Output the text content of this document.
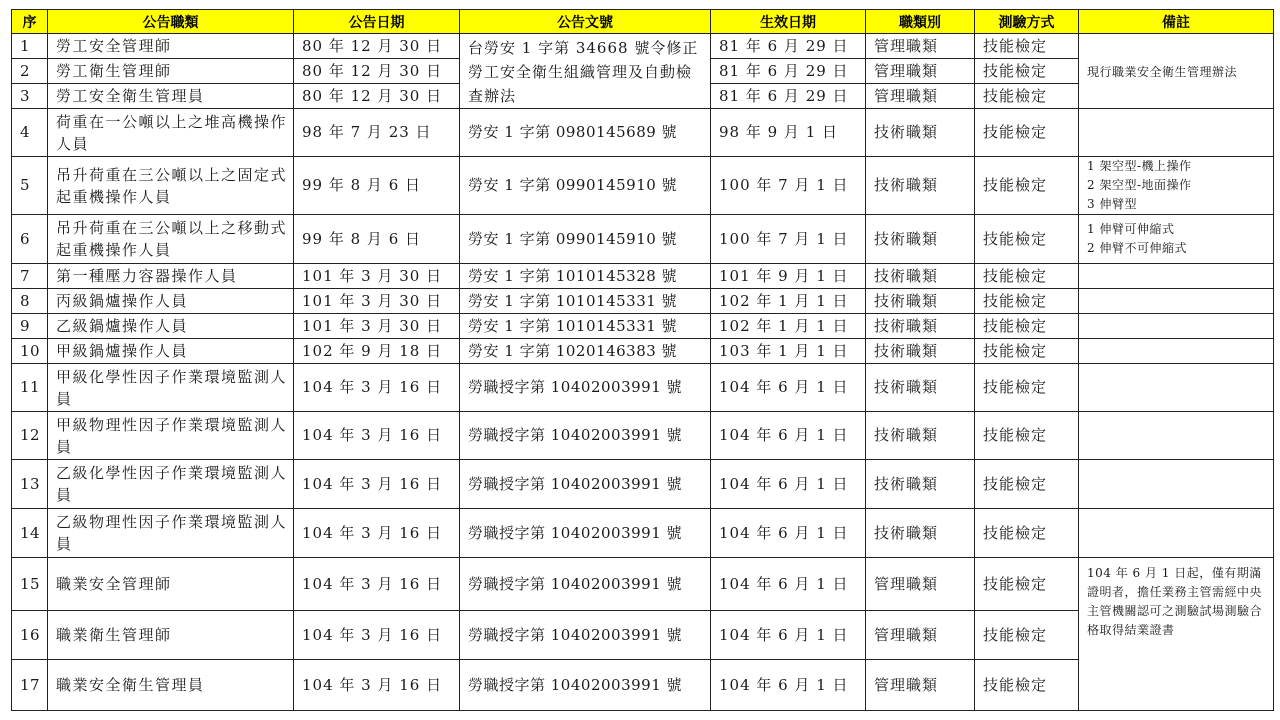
序	公告職類	公告日期	公告文號	生效日期	職類別	測驗方式	備註
1	勞工安全管理師	80 年 12 月 30 日	台勞安 1 字第 34668 號令修正勞工安全衛生組織管理及自動檢查辦法	81 年 6 月 29 日	管理職類	技能檢定	現行職業安全衛生管理辦法
2	勞工衛生管理師	80 年 12 月 30 日		81 年 6 月 29 日	管理職類	技能檢定	
3	勞工安全衛生管理員	80 年 12 月 30 日		81 年 6 月 29 日	管理職類	技能檢定	
4	荷重在一公噸以上之堆高機操作人員	98 年 7 月 23 日	勞安 1 字第 0980145689 號	98 年 9 月 1 日	技術職類	技能檢定	
5	吊升荷重在三公噸以上之固定式起重機操作人員	99 年 8 月 6 日	勞安 1 字第 0990145910 號	100 年 7 月 1 日	技術職類	技能檢定	1 架空型-機上操作
2 架空型-地面操作
3 伸臂型

6	吊升荷重在三公噸以上之移動式起重機操作人員	99 年 8 月 6 日	勞安 1 字第 0990145910 號	100 年 7 月 1 日	技術職類	技能檢定	1 伸臂可伸縮式
2 伸臂不可伸縮式

7	第一種壓力容器操作人員	101 年 3 月 30 日	勞安 1 字第 1010145328 號	101 年 9 月 1 日	技術職類	技能檢定	
8	丙級鍋爐操作人員	101 年 3 月 30 日	勞安 1 字第 1010145331 號	102 年 1 月 1 日	技術職類	技能檢定	
9	乙級鍋爐操作人員	101 年 3 月 30 日	勞安 1 字第 1010145331 號	102 年 1 月 1 日	技術職類	技能檢定	
10	甲級鍋爐操作人員	102 年 9 月 18 日	勞安 1 字第 1020146383 號	103 年 1 月 1 日	技術職類	技能檢定	
11	甲級化學性因子作業環境監測人員	104 年 3 月 16 日	勞職授字第 10402003991 號	104 年 6 月 1 日	技術職類	技能檢定	
12	甲級物理性因子作業環境監測人員	104 年 3 月 16 日	勞職授字第 10402003991 號	104 年 6 月 1 日	技術職類	技能檢定	
13	乙級化學性因子作業環境監測人員	104 年 3 月 16 日	勞職授字第 10402003991 號	104 年 6 月 1 日	技術職類	技能檢定	
14	乙級物理性因子作業環境監測人員	104 年 3 月 16 日	勞職授字第 10402003991 號	104 年 6 月 1 日	技術職類	技能檢定	
15	職業安全管理師	104 年 3 月 16 日	勞職授字第 10402003991 號	104 年 6 月 1 日	管理職類	技能檢定	104 年 6 月 1 日起，僅有期滿證明者，擔任業務主管需經中央主管機關認可之測驗試場測驗合格取得結業證書
16	職業衛生管理師	104 年 3 月 16 日	勞職授字第 10402003991 號	104 年 6 月 1 日	管理職類	技能檢定	
17	職業安全衛生管理員	104 年 3 月 16 日	勞職授字第 10402003991 號	104 年 6 月 1 日	管理職類	技能檢定	
